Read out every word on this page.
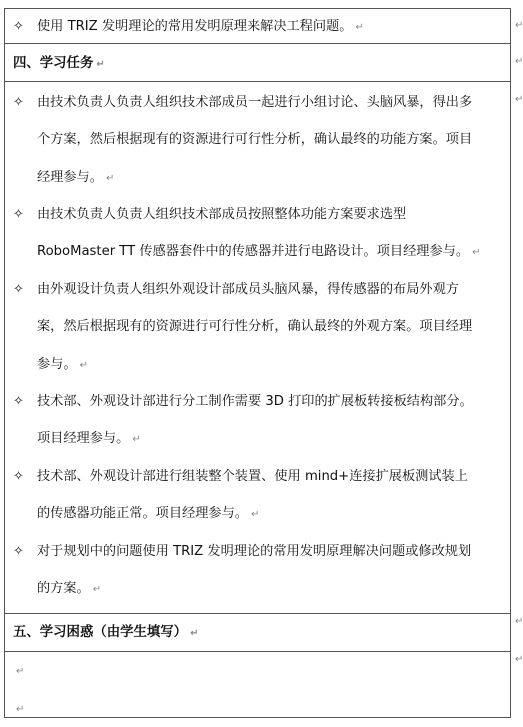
✧ 使用 TRIZ 发明理论的常用发明原理来解决工程问题。 ↵
四、学习任务 ↵
✧ 由技术负责人负责人组织技术部成员一起进行小组讨论、头脑风暴，得出多
个方案，然后根据现有的资源进行可行性分析，确认最终的功能方案。项目
经理参与。 ↵
✧ 由技术负责人负责人组织技术部成员按照整体功能方案要求选型
RoboMaster TT 传感器套件中的传感器并进行电路设计。项目经理参与。 ↵
✧ 由外观设计负责人组织外观设计部成员头脑风暴，得传感器的布局外观方
案，然后根据现有的资源进行可行性分析，确认最终的外观方案。项目经理
参与。 ↵
✧ 技术部、外观设计部进行分工制作需要 3D 打印的扩展板转接板结构部分。
项目经理参与。 ↵
✧ 技术部、外观设计部进行组装整个装置、使用 mind+连接扩展板测试装上
的传感器功能正常。项目经理参与。 ↵
✧ 对于规划中的问题使用 TRIZ 发明理论的常用发明原理解决问题或修改规划
的方案。 ↵
五、学习困惑（由学生填写） ↵
↵
↵
↵
↵
↵
↵
↵
